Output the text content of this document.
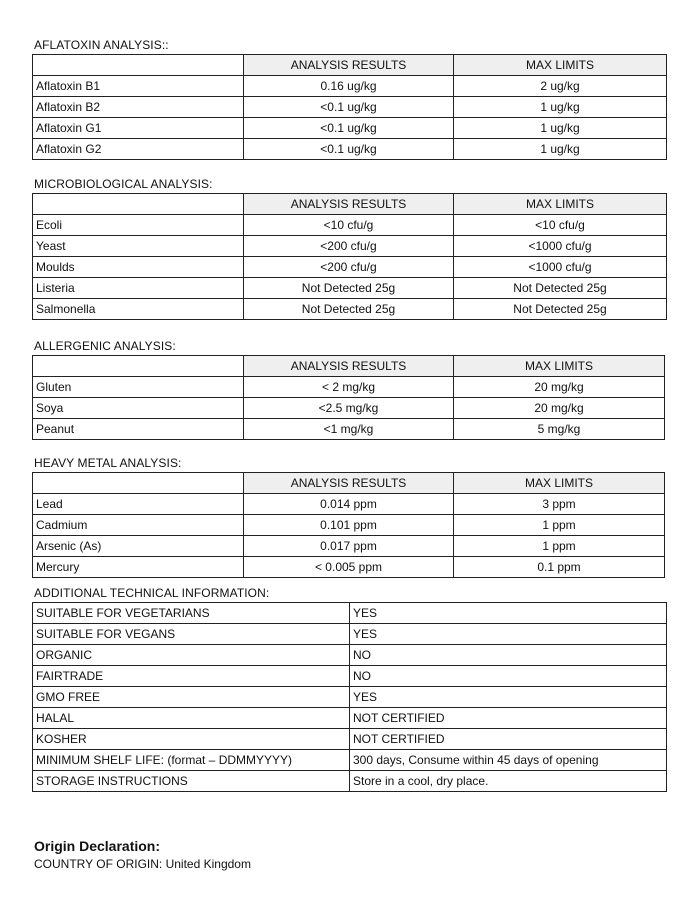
AFLATOXIN ANALYSIS::
	ANALYSIS RESULTS	MAX LIMITS
Aflatoxin B1	0.16 ug/kg	2 ug/kg
Aflatoxin B2	<0.1 ug/kg	1 ug/kg
Aflatoxin G1	<0.1 ug/kg	1 ug/kg
Aflatoxin G2	<0.1 ug/kg	1 ug/kg
MICROBIOLOGICAL ANALYSIS:
	ANALYSIS RESULTS	MAX LIMITS
Ecoli	<10 cfu/g	<10 cfu/g
Yeast	<200 cfu/g	<1000 cfu/g
Moulds	<200 cfu/g	<1000 cfu/g
Listeria	Not Detected 25g	Not Detected 25g
Salmonella	Not Detected 25g	Not Detected 25g
ALLERGENIC ANALYSIS:
	ANALYSIS RESULTS	MAX LIMITS
Gluten	< 2 mg/kg	20 mg/kg
Soya	<2.5 mg/kg	20 mg/kg
Peanut	<1 mg/kg	5 mg/kg
HEAVY METAL ANALYSIS:
	ANALYSIS RESULTS	MAX LIMITS
Lead	0.014 ppm	3 ppm
Cadmium	0.101 ppm	1 ppm
Arsenic (As)	0.017 ppm	1 ppm
Mercury	< 0.005 ppm	0.1 ppm
ADDITIONAL TECHNICAL INFORMATION:
SUITABLE FOR VEGETARIANS	YES
SUITABLE FOR VEGANS	YES
ORGANIC	NO
FAIRTRADE	NO
GMO FREE	YES
HALAL	NOT CERTIFIED
KOSHER	NOT CERTIFIED
MINIMUM SHELF LIFE: (format – DDMMYYYY)	300 days, Consume within 45 days of opening
STORAGE INSTRUCTIONS	Store in a cool, dry place.
Origin Declaration:
COUNTRY OF ORIGIN: United Kingdom
